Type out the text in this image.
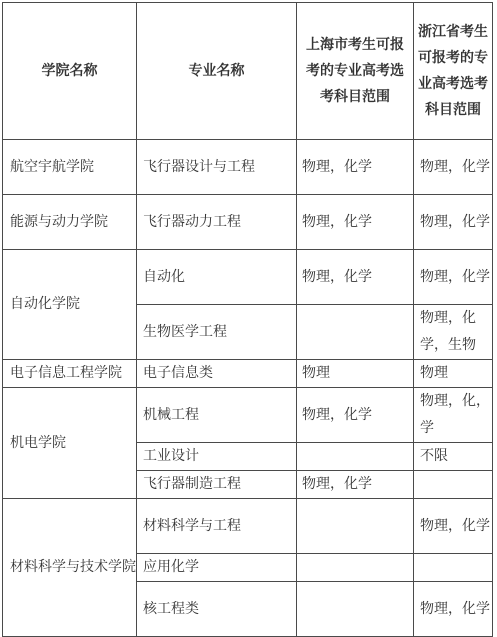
学院名称	专业名称	上海市考生可报考的专业高考选考科目范围	浙江省考生可报考的专业高考选考科目范围
航空宇航学院	飞行器设计与工程	物理，化学	物理，化学
能源与动力学院	飞行器动力工程	物理，化学	物理，化学
自动化学院	自动化	物理，化学	物理，化学
	生物医学工程		物理，化学，生物
电子信息工程学院	电子信息类	物理	物理
机电学院	机械工程	物理，化学	物理，化，学
	工业设计		不限
	飞行器制造工程	物理，化学	
材料科学与技术学院	材料科学与工程		物理，化学
	应用化学		
	核工程类		物理，化学
